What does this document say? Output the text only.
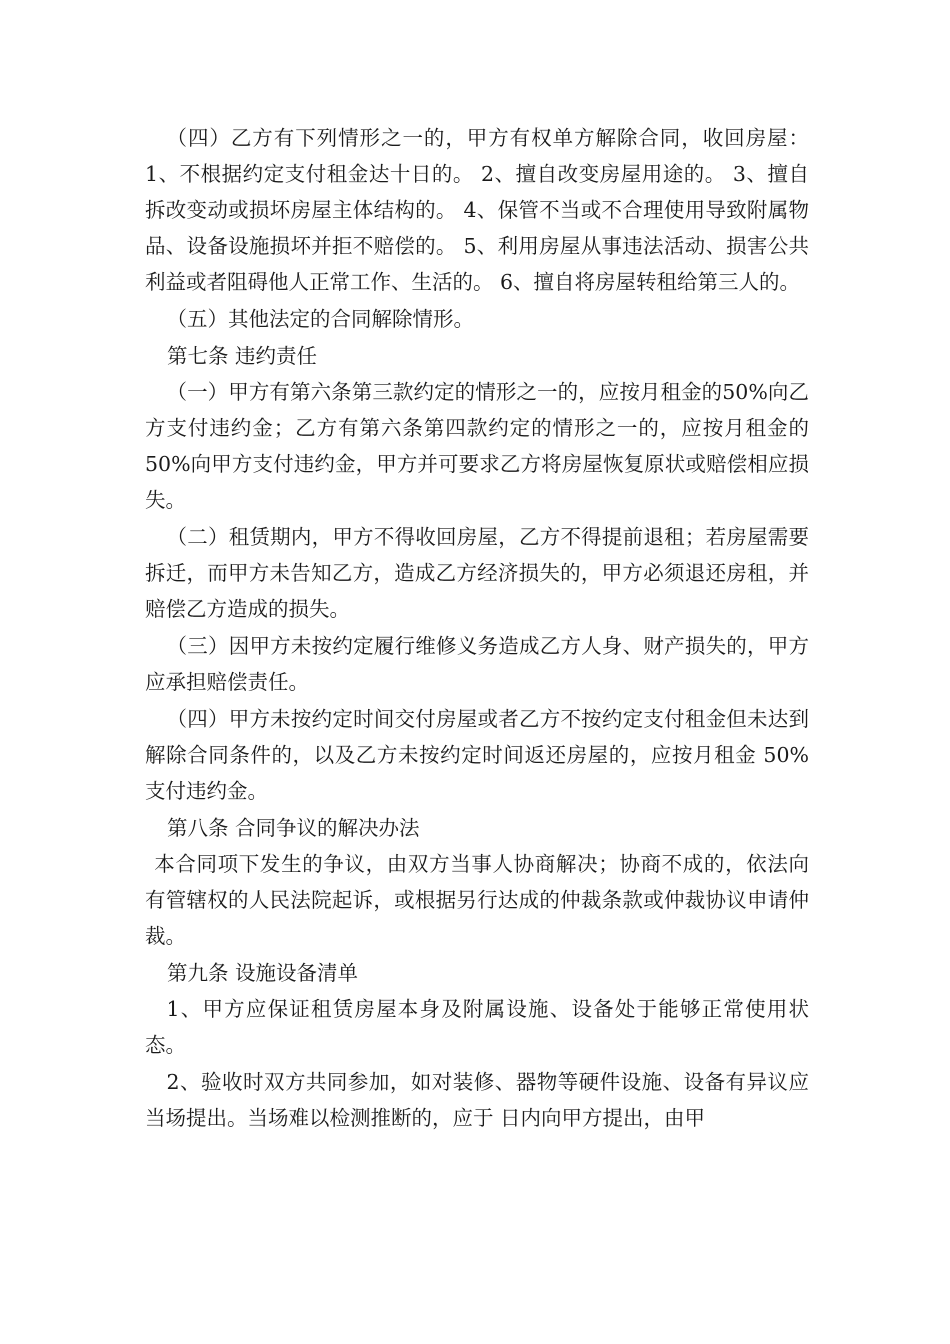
（四）乙方有下列情形之一的，甲方有权单方解除合同，收回房屋： 1、不根据约定支付租金达十日的。 2、擅自改变房屋用途的。 3、擅自拆改变动或损坏房屋主体结构的。 4、保管不当或不合理使用导致附属物品、设备设施损坏并拒不赔偿的。 5、利用房屋从事违法活动、损害公共利益或者阻碍他人正常工作、生活的。 6、擅自将房屋转租给第三人的。

（五）其他法定的合同解除情形。

第七条 违约责任

（一）甲方有第六条第三款约定的情形之一的，应按月租金的50%向乙方支付违约金；乙方有第六条第四款约定的情形之一的，应按月租金的 50%向甲方支付违约金，甲方并可要求乙方将房屋恢复原状或赔偿相应损失。

（二）租赁期内，甲方不得收回房屋，乙方不得提前退租；若房屋需要拆迁，而甲方未告知乙方，造成乙方经济损失的，甲方必须退还房租，并赔偿乙方造成的损失。

（三）因甲方未按约定履行维修义务造成乙方人身、财产损失的，甲方应承担赔偿责任。

（四）甲方未按约定时间交付房屋或者乙方不按约定支付租金但未达到解除合同条件的，以及乙方未按约定时间返还房屋的，应按月租金 50%支付违约金。

第八条 合同争议的解决办法

本合同项下发生的争议，由双方当事人协商解决；协商不成的，依法向有管辖权的人民法院起诉，或根据另行达成的仲裁条款或仲裁协议申请仲裁。

第九条 设施设备清单

1、甲方应保证租赁房屋本身及附属设施、设备处于能够正常使用状态。

2、验收时双方共同参加，如对装修、器物等硬件设施、设备有异议应当场提出。当场难以检测推断的，应于 日内向甲方提出，由甲
